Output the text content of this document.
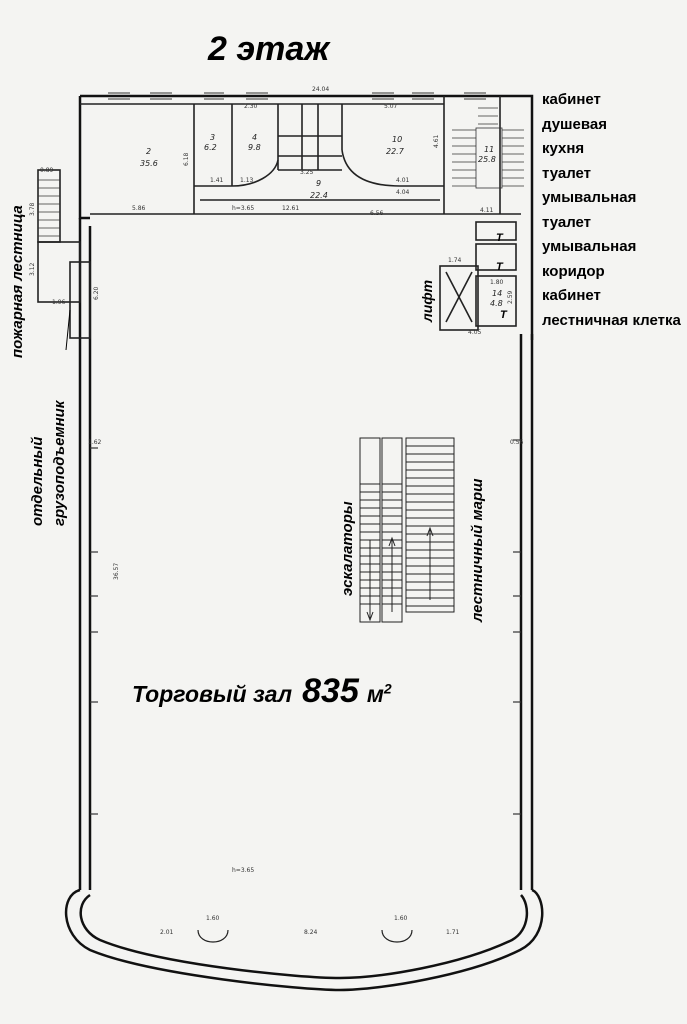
2
35.6
3
6.2
4
9.8
9
22.4
10
22.7	11
25.8
14
4.8
Т
Т
Т
24.04
5.07
2.30
5.86	h=3.65	12.61
6.56
4.01
4.04
4.11
4.05
1.74
1.96
0.89
1.41	1.13
3.25
1.80
1.62	0.56
h=3.65
8.24
2.01	1.71
1.60	1.60
36.57
6.18
3.78
3.12
6.20	2.59
4.61
пожарная лестница
отдельный грузоподъемник
лифт
эскалаторы	лестничный марш
2 этаж
кабинет
душевая
кухня
туалет
умывальная
туалет
умывальная
коридор
кабинет
лестничная клетка
Торговый зал 835 $м^2$
